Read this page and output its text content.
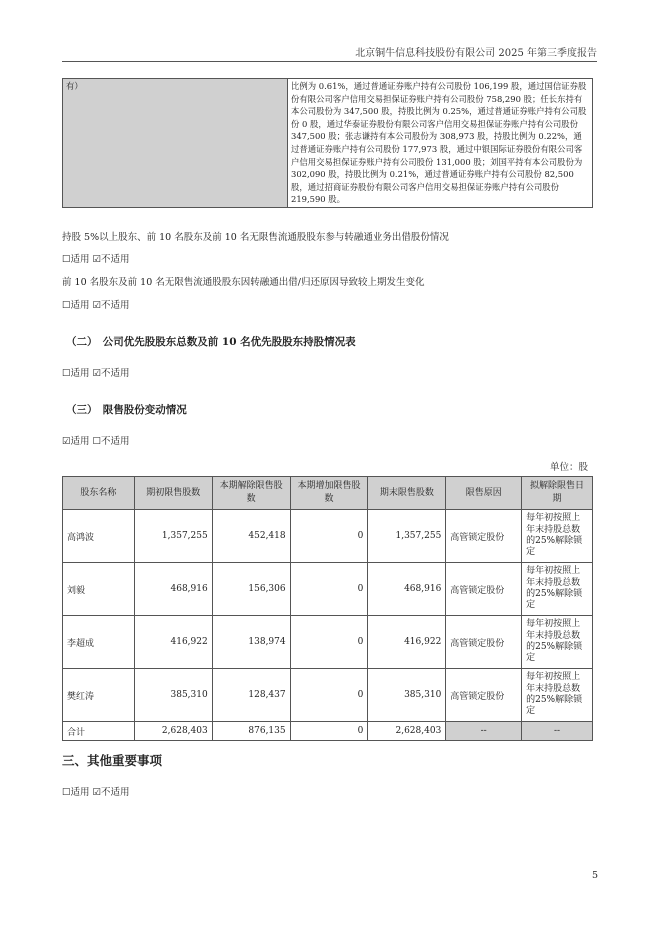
北京铜牛信息科技股份有限公司 2025 年第三季度报告
有）	比例为 0.61%，通过普通证券账户持有公司股份 106,199 股，通过国信证券股份有限公司客户信用交易担保证券账户持有公司股份 758,290 股；任长东持有本公司股份为 347,500 股，持股比例为 0.25%，通过普通证券账户持有公司股份 0 股，通过华泰证券股份有限公司客户信用交易担保证券账户持有公司股份 347,500 股；张志谦持有本公司股份为 308,973 股，持股比例为 0.22%，通过普通证券账户持有公司股份 177,973 股，通过中银国际证券股份有限公司客户信用交易担保证券账户持有公司股份 131,000 股；刘国平持有本公司股份为 302,090 股，持股比例为 0.21%，通过普通证券账户持有公司股份 82,500 股，通过招商证券股份有限公司客户信用交易担保证券账户持有公司股份 219,590 股。
持股 5%以上股东、前 10 名股东及前 10 名无限售流通股股东参与转融通业务出借股份情况
☐适用 ☑不适用
前 10 名股东及前 10 名无限售流通股股东因转融通出借/归还原因导致较上期发生变化
☐适用 ☑不适用
（二）　公司优先股股东总数及前 10 名优先股股东持股情况表
☐适用 ☑不适用
（三）　限售股份变动情况
☑适用 ☐不适用
单位：股
股东名称	期初限售股数	本期解除限售股数	本期增加限售股数	期末限售股数	限售原因	拟解除限售日期
高鸿波	1,357,255	452,418	0	1,357,255	高管锁定股份	每年初按照上年末持股总数的25%解除锁定
刘毅	468,916	156,306	0	468,916	高管锁定股份	每年初按照上年末持股总数的25%解除锁定
李超成	416,922	138,974	0	416,922	高管锁定股份	每年初按照上年末持股总数的25%解除锁定
樊红涛	385,310	128,437	0	385,310	高管锁定股份	每年初按照上年末持股总数的25%解除锁定
合计	2,628,403	876,135	0	2,628,403	--	--
三、其他重要事项
☐适用 ☑不适用
5
